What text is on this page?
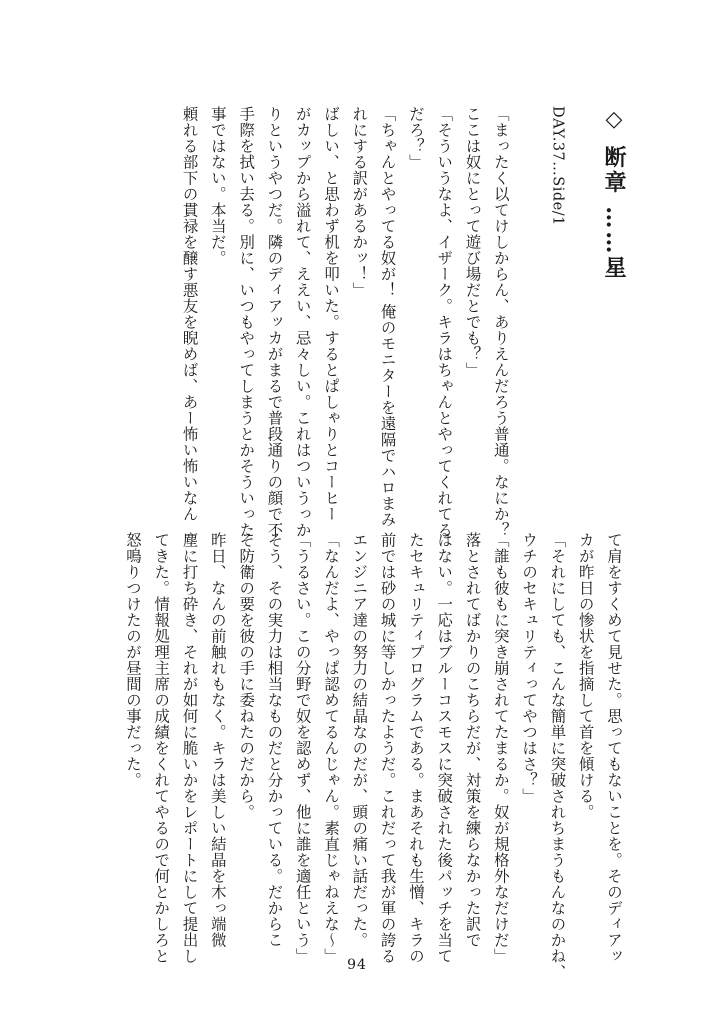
◇ 断章 ……星

DAY.37…Side/1

「まったく以てけしからん、ありえんだろう普通。なにか？

ここは奴にとって遊び場だとでも？」

「そういうなよ、イザーク。キラはちゃんとやってくれてる

だろ？」

「ちゃんとやってる奴が！ 俺のモニターを遠隔でハロまみ

れにする訳があるかッ！」

ばしい、と思わず机を叩いた。するとぱしゃりとコーヒー

がカップから溢れて、ええい、忌々しい。これはついうっか

りというやつだ。隣のディアッカがまるで普段通りの顔で不

手際を拭い去る。別に、いつもやってしまうとかそういった

事ではない。本当だ。

頼れる部下の貫禄を醸す悪友を睨めば、あー怖い怖いなん

て肩をすくめて見せた。思ってもないことを。そのディアッ

カが昨日の惨状を指摘して首を傾ける。

「それにしても、こんな簡単に突破されちまうもんなのかね、

ウチのセキュリティってやつはさ？」

「誰も彼もに突き崩されてたまるか。奴が規格外なだけだ」

落とされてばかりのこちらだが、対策を練らなかった訳で

はない。一応はブルーコスモスに突破された後パッチを当て

たセキュリティプログラムである。まあそれも生憎、キラの

前では砂の城に等しかったようだ。これだって我が軍の誇る

エンジニア達の努力の結晶なのだが、頭の痛い話だった。

「なんだよ、やっぱ認めてるんじゃん。素直じゃねえな～」

「うるさい。この分野で奴を認めず、他に誰を適任という」

そう、その実力は相当なものだと分かっている。だからこ

そ防衛の要を彼の手に委ねたのだから。

昨日、なんの前触れもなく。キラは美しい結晶を木っ端微

塵に打ち砕き、それが如何に脆いかをレポートにして提出し

てきた。情報処理主席の成績をくれてやるので何とかしろと

怒鳴りつけたのが昼間の事だった。

94
